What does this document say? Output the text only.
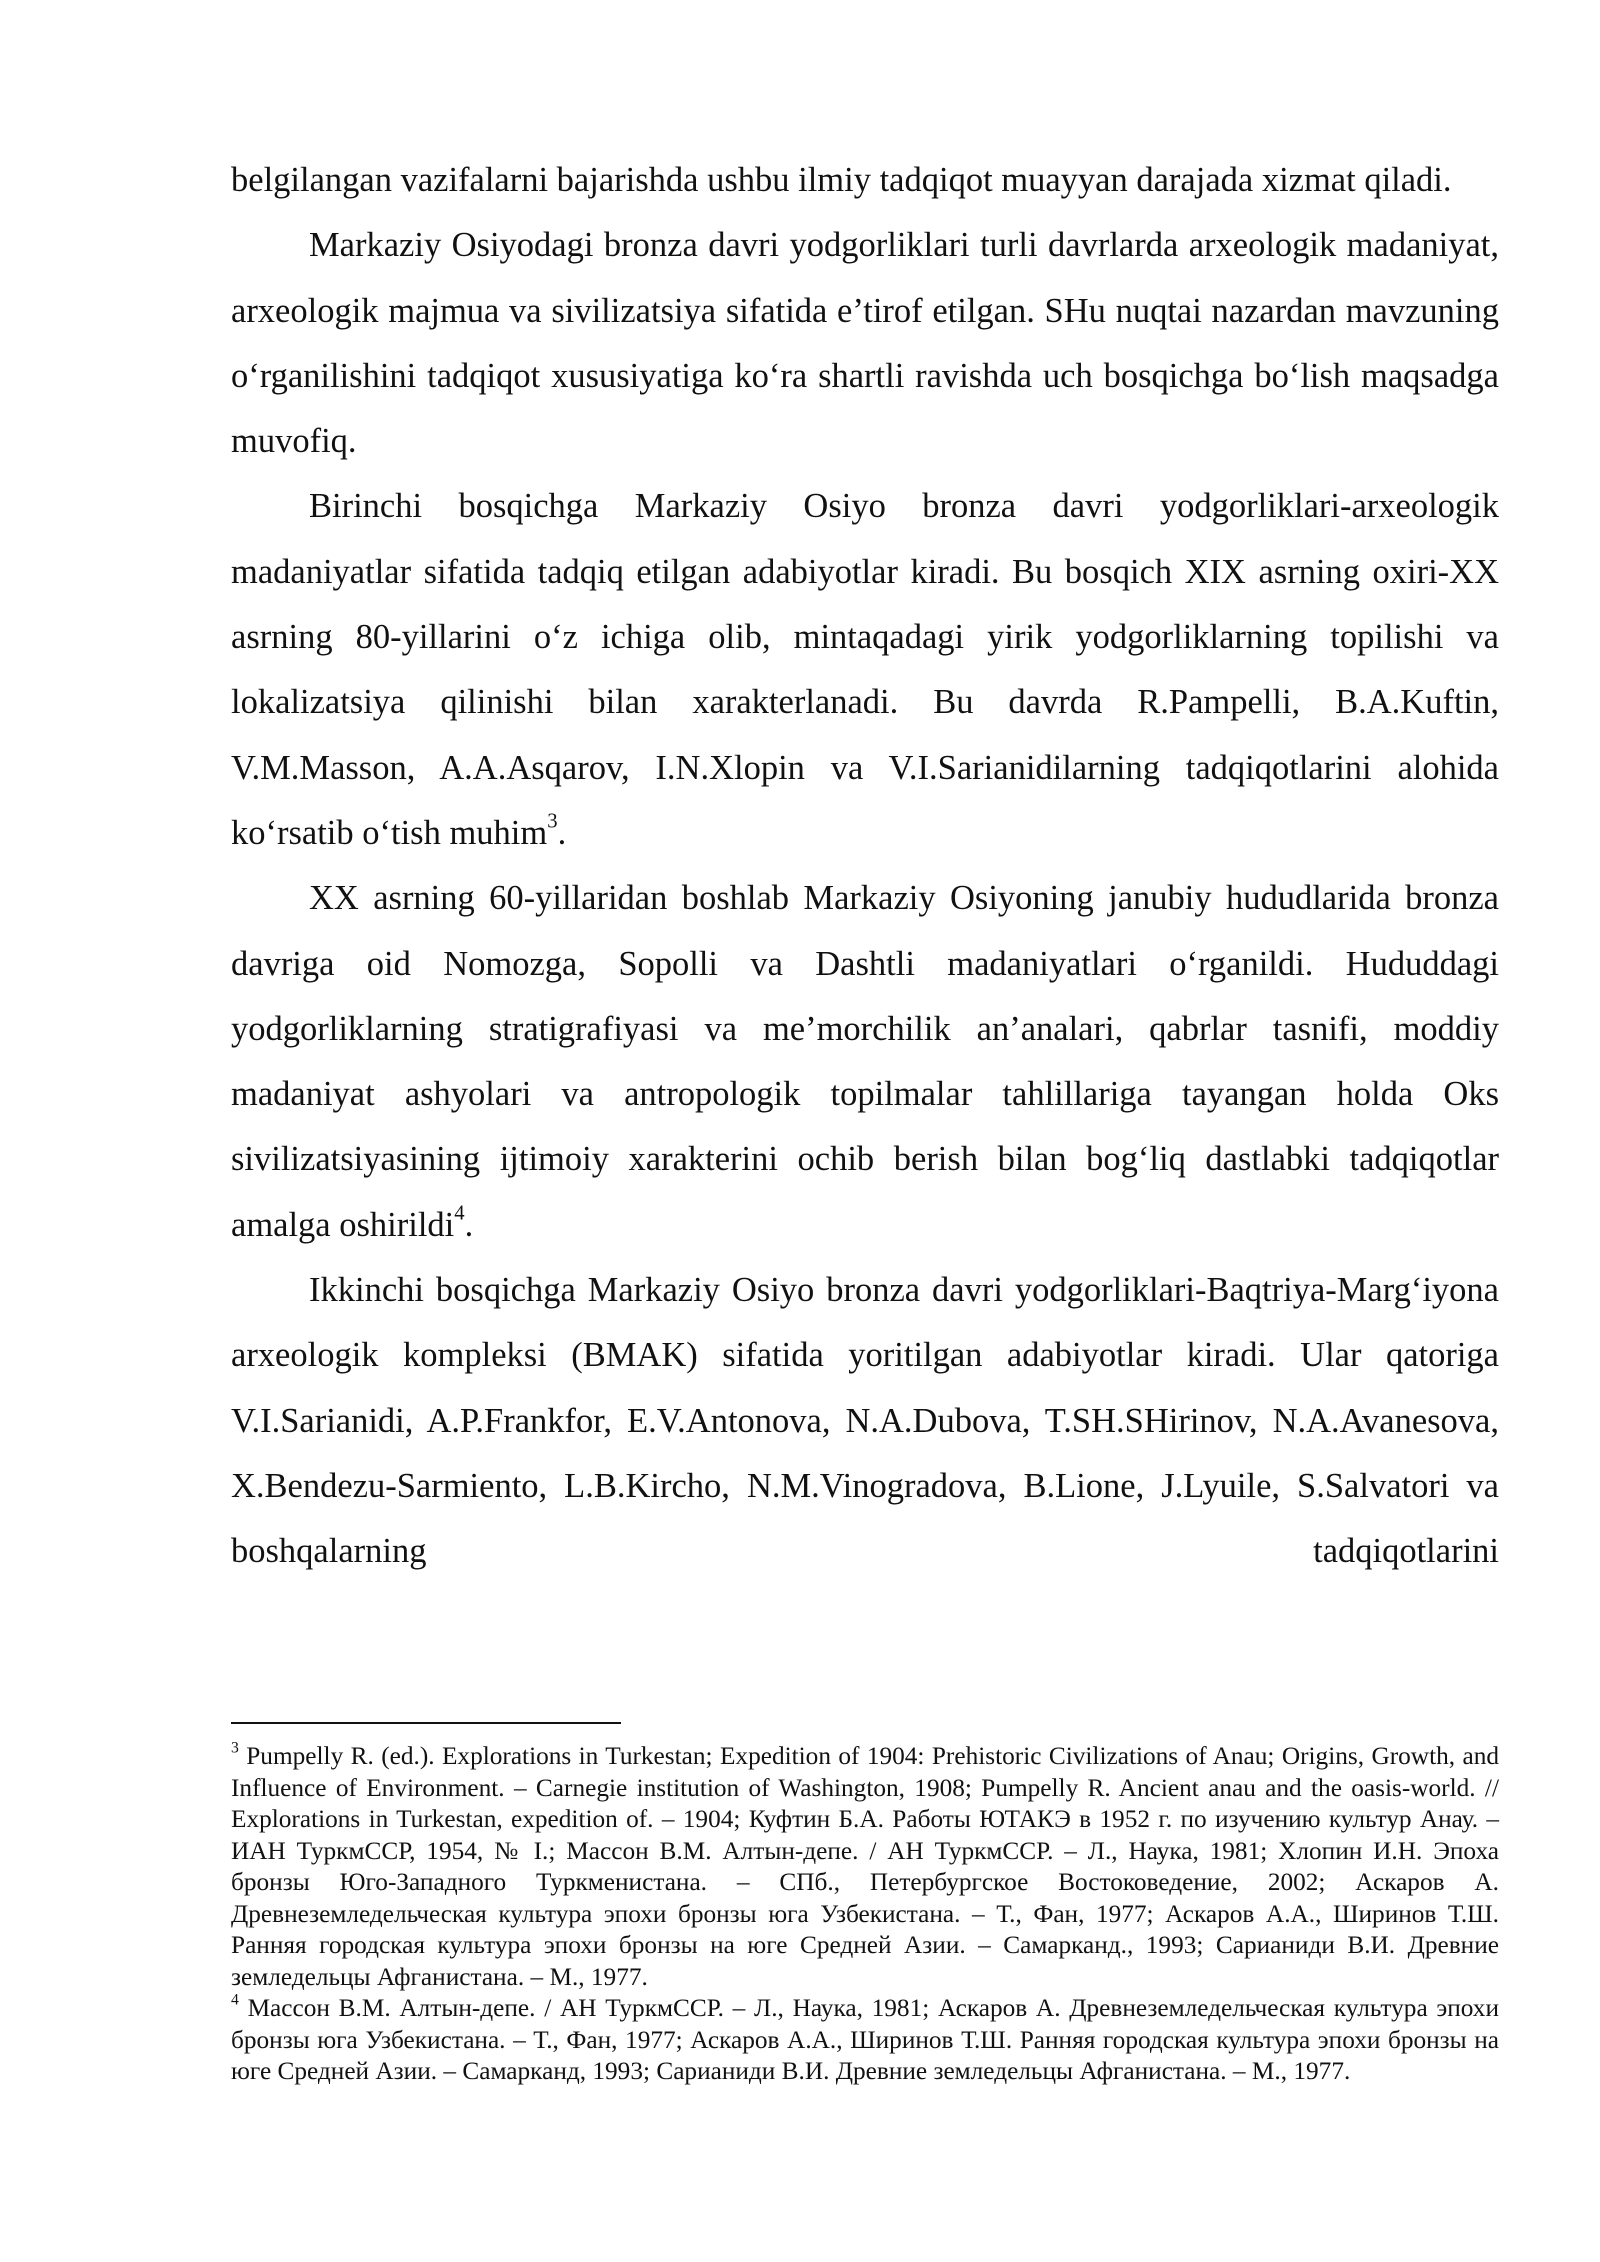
belgilangan vazifalarni bajarishda ushbu ilmiy tadqiqot muayyan darajada xizmat qiladi.

Markaziy Osiyodagi bronza davri yodgorliklari turli davrlarda arxeologik madaniyat, arxeologik majmua va sivilizatsiya sifatida e’tirof etilgan. SHu nuqtai nazardan mavzuning o‘rganilishini tadqiqot xususiyatiga ko‘ra shartli ravishda uch bosqichga bo‘lish maqsadga muvofiq.

Birinchi bosqichga Markaziy Osiyo bronza davri yodgorliklari-arxeologik madaniyatlar sifatida tadqiq etilgan adabiyotlar kiradi. Bu bosqich XIX asrning oxiri-XX asrning 80-yillarini o‘z ichiga olib, mintaqadagi yirik yodgorliklarning topilishi va lokalizatsiya qilinishi bilan xarakterlanadi. Bu davrda R.Pampelli, B.A.Kuftin, V.M.Masson, A.A.Asqarov, I.N.Xlopin va V.I.Sarianidilarning tadqiqotlarini alohida ko‘rsatib o‘tish muhim$^3$.

XX asrning 60-yillaridan boshlab Markaziy Osiyoning janubiy hududlarida bronza davriga oid Nomozga, Sopolli va Dashtli madaniyatlari o‘rganildi. Hududdagi yodgorliklarning stratigrafiyasi va me’morchilik an’analari, qabrlar tasnifi, moddiy madaniyat ashyolari va antropologik topilmalar tahlillariga tayangan holda Oks sivilizatsiyasining ijtimoiy xarakterini ochib berish bilan bog‘liq dastlabki tadqiqotlar amalga oshirildi$^4$.

Ikkinchi bosqichga Markaziy Osiyo bronza davri yodgorliklari-Baqtriya-Marg‘iyona arxeologik kompleksi (BMAK) sifatida yoritilgan adabiyotlar kiradi. Ular qatoriga V.I.Sarianidi, A.P.Frankfor, E.V.Antonova, N.A.Dubova, T.SH.SHirinov, N.A.Avanesova, X.Bendezu-Sarmiento, L.B.Kircho, N.M.Vinogradova, B.Lione, J.Lyuile, S.Salvatori va boshqalarning tadqiqotlarini

$^3$ Pumpelly R. (ed.). Explorations in Turkestan; Expedition of 1904: Prehistoric Civilizations of Anau; Origins, Growth, and Influence of Environment. – Carnegie institution of Washington, 1908; Pumpelly R. Ancient anau and the oasis-world. // Explorations in Turkestan, expedition of. – 1904; Куфтин Б.А. Работы ЮТАКЭ в 1952 г. по изучению культур Анау. – ИАН ТуркмССР, 1954, № I.; Массон В.М. Алтын-депе. / АН ТуркмССР. – Л., Наука, 1981; Хлопин И.Н. Эпоха бронзы Юго-Западного Туркменистана. – СПб., Петербургское Востоковедение, 2002; Аскаров А. Древнеземледельческая культура эпохи бронзы юга Узбекистана. – Т., Фан, 1977; Аскаров А.А., Ширинов Т.Ш. Ранняя городская культура эпохи бронзы на юге Средней Азии. – Самарканд., 1993; Сарианиди В.И. Древние земледельцы Афганистана. – М., 1977.

$^4$ Массон В.М. Алтын-депе. / АН ТуркмССР. – Л., Наука, 1981; Аскаров А. Древнеземледельческая культура эпохи бронзы юга Узбекистана. – Т., Фан, 1977; Аскаров А.А., Ширинов Т.Ш. Ранняя городская культура эпохи бронзы на юге Средней Азии. – Самарканд, 1993; Сарианиди В.И. Древние земледельцы Афганистана. – М., 1977.
